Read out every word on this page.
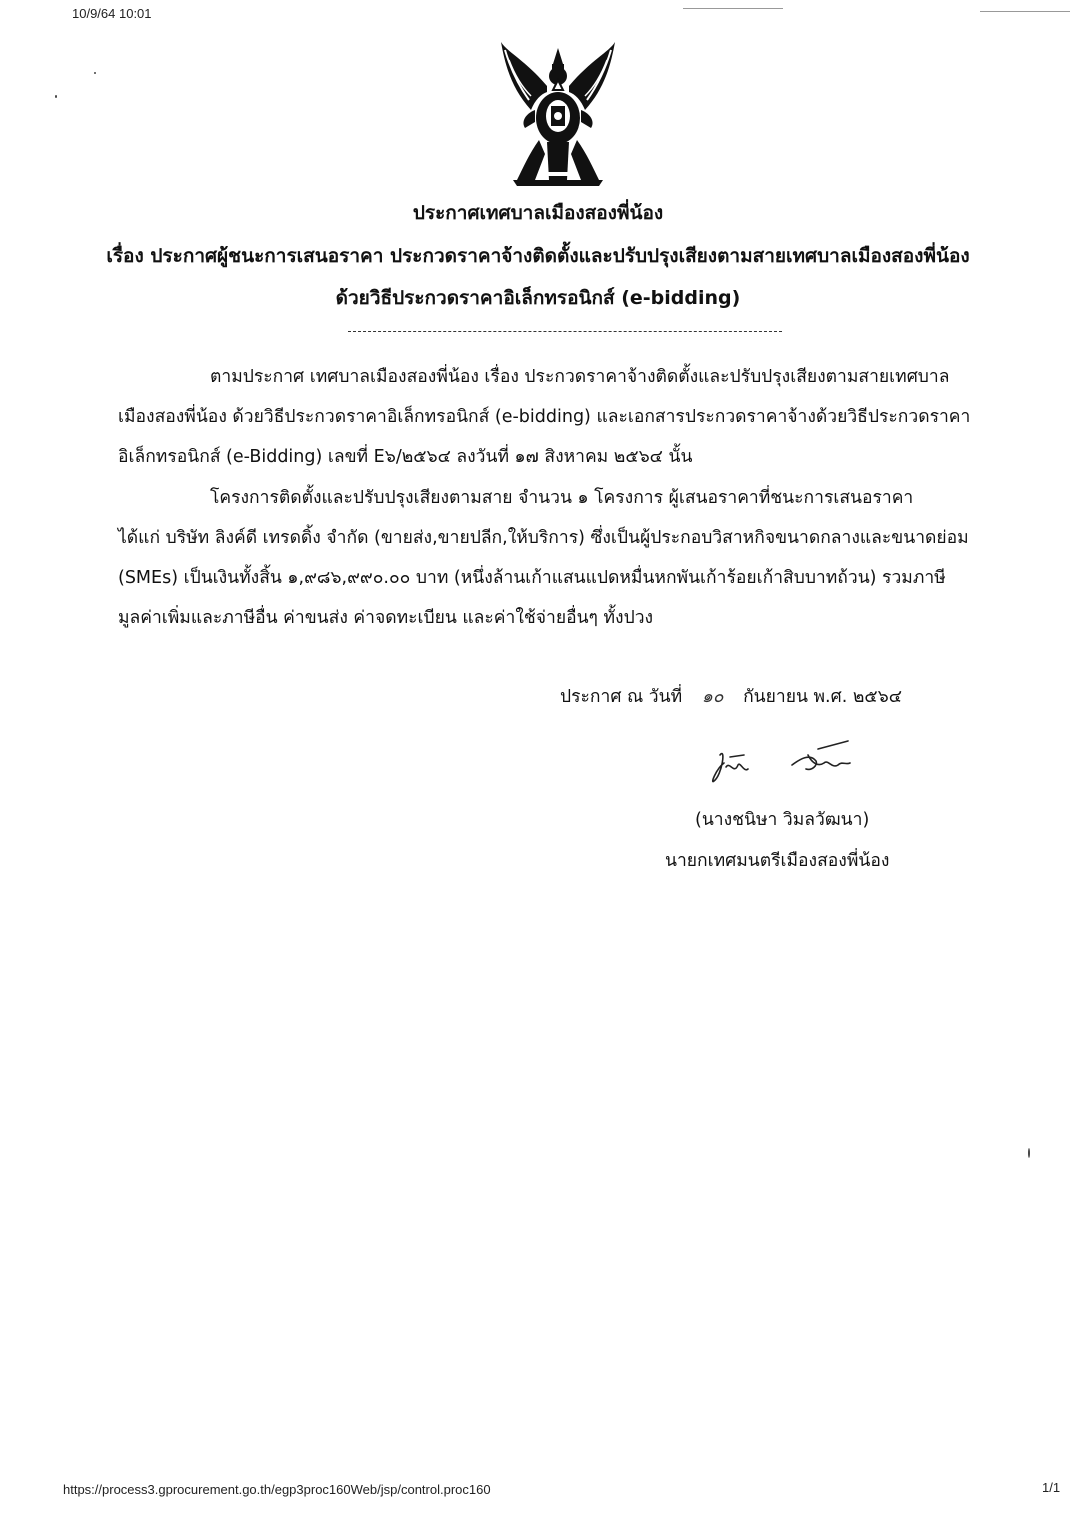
10/9/64 10:01
ประกาศเทศบาลเมืองสองพี่น้อง
เรื่อง ประกาศผู้ชนะการเสนอราคา ประกวดราคาจ้างติดตั้งและปรับปรุงเสียงตามสายเทศบาลเมืองสองพี่น้อง
ด้วยวิธีประกวดราคาอิเล็กทรอนิกส์ (e-bidding)
ตามประกาศ เทศบาลเมืองสองพี่น้อง เรื่อง ประกวดราคาจ้างติดตั้งและปรับปรุงเสียงตามสายเทศบาล
เมืองสองพี่น้อง ด้วยวิธีประกวดราคาอิเล็กทรอนิกส์ (e-bidding) และเอกสารประกวดราคาจ้างด้วยวิธีประกวดราคา
อิเล็กทรอนิกส์ (e-Bidding) เลขที่ E๖/๒๕๖๔ ลงวันที่ ๑๗ สิงหาคม ๒๕๖๔ นั้น
โครงการติดตั้งและปรับปรุงเสียงตามสาย จำนวน ๑ โครงการ ผู้เสนอราคาที่ชนะการเสนอราคา
ได้แก่ บริษัท ลิงค์ดี เทรดดิ้ง จำกัด (ขายส่ง,ขายปลีก,ให้บริการ) ซึ่งเป็นผู้ประกอบวิสาหกิจขนาดกลางและขนาดย่อม
(SMEs) เป็นเงินทั้งสิ้น ๑,๙๘๖,๙๙๐.๐๐ บาท (หนึ่งล้านเก้าแสนแปดหมื่นหกพันเก้าร้อยเก้าสิบบาทถ้วน) รวมภาษี
มูลค่าเพิ่มและภาษีอื่น ค่าขนส่ง ค่าจดทะเบียน และค่าใช้จ่ายอื่นๆ ทั้งปวง
ประกาศ ณ วันที่ ๑๐ กันยายน พ.ศ. ๒๕๖๔
(นางชนิษา วิมลวัฒนา)
นายกเทศมนตรีเมืองสองพี่น้อง
https://process3.gprocurement.go.th/egp3proc160Web/jsp/control.proc160	1/1
